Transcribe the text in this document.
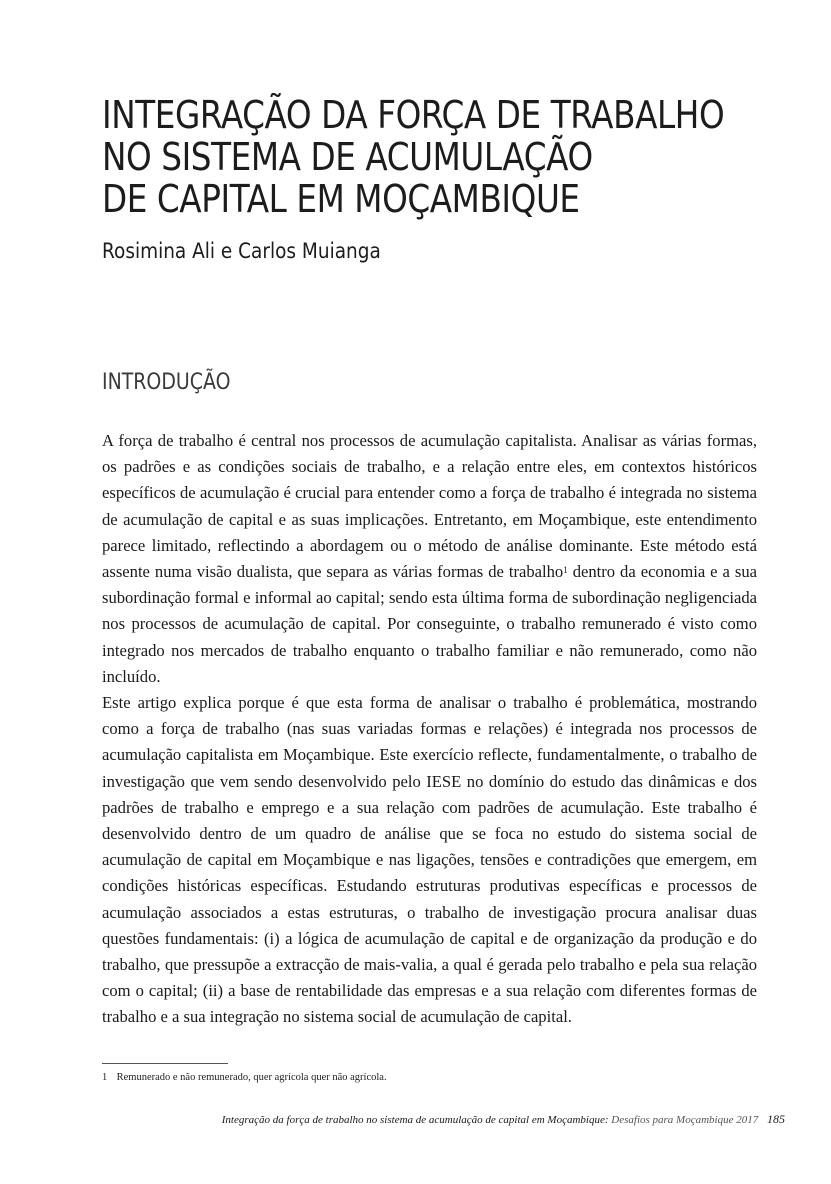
INTEGRAÇÃO DA FORÇA DE TRABALHO
NO SISTEMA DE ACUMULAÇÃO
DE CAPITAL EM MOÇAMBIQUE
Rosimina Ali e Carlos Muianga
INTRODUÇÃO

A força de trabalho é central nos processos de acumulação capitalista. Analisar as várias formas, os padrões e as condições sociais de trabalho, e a relação entre eles, em contextos históricos específicos de acumulação é crucial para entender como a força de trabalho é integrada no sistema de acumulação de capital e as suas implicações. Entretanto, em Moçambique, este entendimento parece limitado, reflectindo a abordagem ou o método de análise dominante. Este método está assente numa visão dualista, que separa as várias formas de trabalho$^1$ dentro da economia e a sua subordinação formal e informal ao capital; sendo esta última forma de subordinação negligenciada nos processos de acumulação de capital. Por conseguinte, o trabalho remunerado é visto como integrado nos mercados de trabalho enquanto o trabalho familiar e não remunerado, como não incluído.

Este artigo explica porque é que esta forma de analisar o trabalho é problemática, mostrando como a força de trabalho (nas suas variadas formas e relações) é integrada nos processos de acumulação capitalista em Moçambique. Este exercício reflecte, fundamentalmente, o trabalho de investigação que vem sendo desenvolvido pelo IESE no domínio do estudo das dinâmicas e dos padrões de trabalho e emprego e a sua relação com padrões de acumulação. Este trabalho é desenvolvido dentro de um quadro de análise que se foca no estudo do sistema social de acumulação de capital em Moçambique e nas ligações, tensões e contradições que emergem, em condições históricas específicas. Estudando estruturas produtivas específicas e processos de acumulação associados a estas estruturas, o trabalho de investigação procura analisar duas questões fundamentais: (i) a lógica de acumulação de capital e de organização da produção e do trabalho, que pressupõe a extracção de mais-valia, a qual é gerada pelo trabalho e pela sua relação com o capital; (ii) a base de rentabilidade das empresas e a sua relação com diferentes formas de trabalho e a sua integração no sistema social de acumulação de capital.

1 Remunerado e não remunerado, quer agrícola quer não agrícola.
Integração da força de trabalho no sistema de acumulação de capital em Moçambique: Desafios para Moçambique 2017 185
